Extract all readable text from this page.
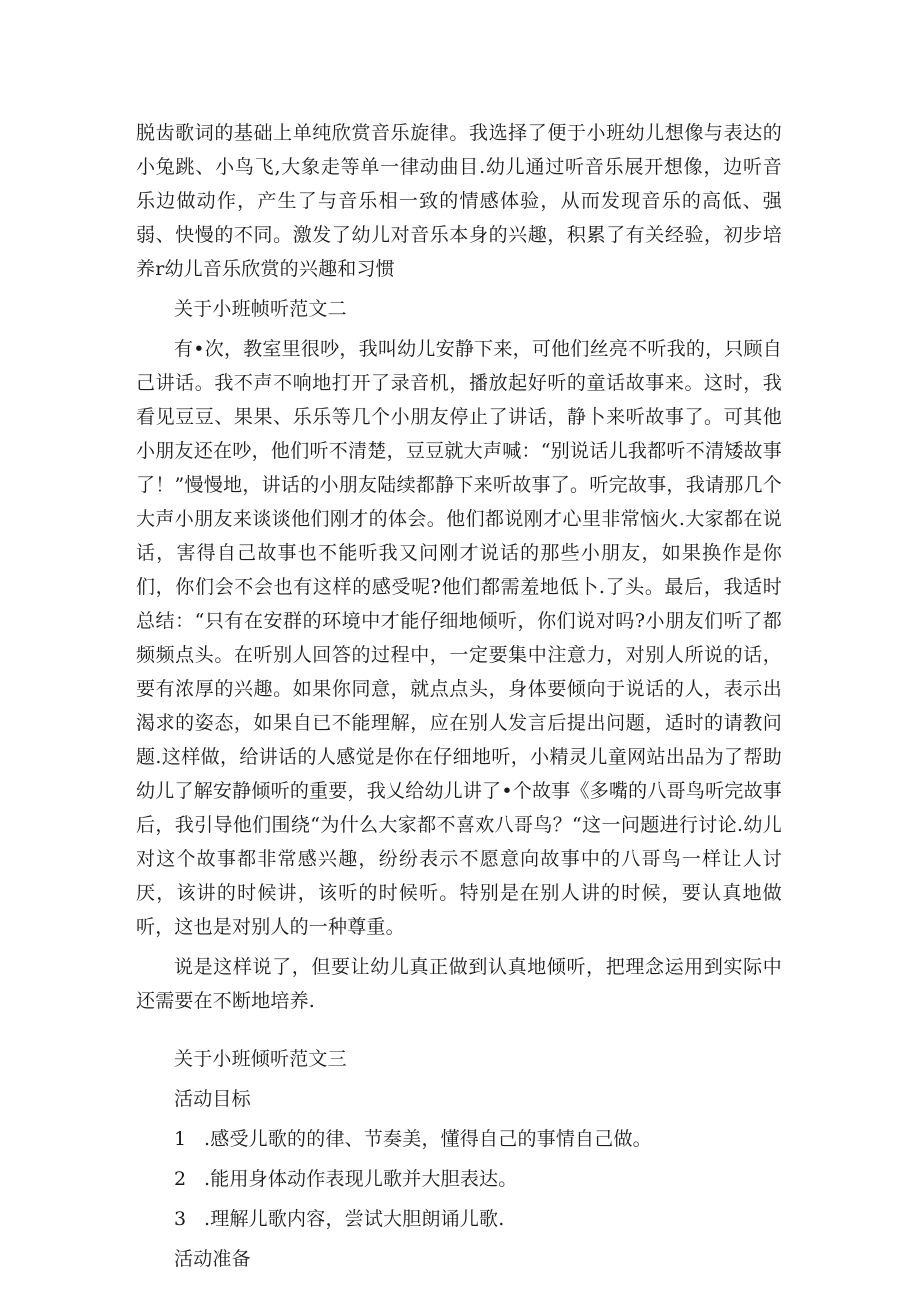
脱齿歌词的基础上单纯欣赏音乐旋律。我选择了便于小班幼儿想像与表达的小兔跳、小鸟飞,大象走等单一律动曲目.幼儿通过听音乐展开想像，边听音乐边做动作，产生了与音乐相一致的情感体验，从而发现音乐的高低、强弱、快慢的不同。激发了幼儿对音乐本身的兴趣，积累了有关经验，初步培养r幼儿音乐欣赏的兴趣和习惯

关于小班帧听范文二

有•次，教室里很吵，我叫幼儿安静下来，可他们丝亮不听我的，只顾自己讲话。我不声不响地打开了录音机，播放起好听的童话故事来。这时，我看见豆豆、果果、乐乐等几个小朋友停止了讲话，静卜来听故事了。可其他小朋友还在吵，他们听不清楚，豆豆就大声喊：“别说话儿我都听不清矮故事了！”慢慢地，讲话的小朋友陆续都静下来听故事了。听完故事，我请那几个大声小朋友来谈谈他们刚才的体会。他们都说刚才心里非常恼火.大家都在说话，害得自己故事也不能听我又问刚才说话的那些小朋友，如果换作是你们，你们会不会也有这样的感受呢?他们都需羞地低卜.了头。最后，我适时总结：“只有在安群的环境中才能仔细地倾听，你们说对吗?小朋友们听了都频频点头。在听别人回答的过程中，一定要集中注意力，对别人所说的话，要有浓厚的兴趣。如果你同意，就点点头，身体要倾向于说话的人，表示出渴求的姿态，如果自已不能理解，应在别人发言后提出问题，适时的请教问题.这样做，给讲话的人感觉是你在仔细地听，小精灵儿童网站出品为了帮助幼儿了解安静倾听的重要，我乂给幼儿讲了•个故事《多嘴的八哥鸟听完故事后，我引导他们围绕“为什么大家都不喜欢八哥鸟？“这一问题进行讨论.幼儿对这个故事都非常感兴趣，纷纷表示不愿意向故事中的八哥鸟一样让人讨厌，该讲的时候讲，该听的时候听。特别是在别人讲的时候，要认真地做听，这也是对别人的一种尊重。

说是这样说了，但要让幼儿真正做到认真地倾听，把理念运用到实际中还需要在不断地培养.

关于小班倾听范文三

活动目标

1 .感受儿歌的的律、节奏美，懂得自己的事情自己做。

2 .能用身体动作表现儿歌并大胆表达。

3 .理解儿歌内容，尝试大胆朗诵儿歌.

活动准备
